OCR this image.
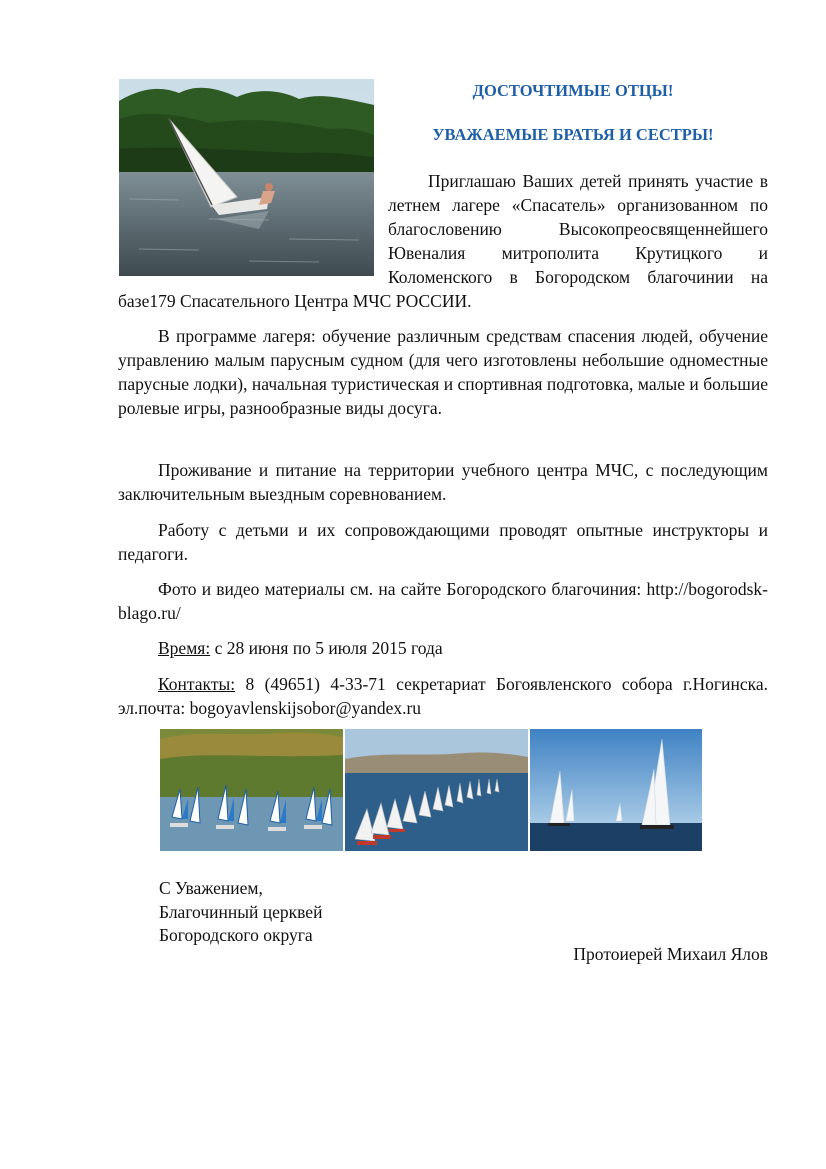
ДОСТОЧТИМЫЕ ОТЦЫ!
УВАЖАЕМЫЕ БРАТЬЯ И СЕСТРЫ!
Приглашаю Ваших детей принять участие в летнем лагере «Спасатель» организованном по благословению Высокопреосвященнейшего Ювеналия митрополита Крутицкого и Коломенского в Богородском благочинии на базе179 Спасательного Центра МЧС РОССИИ.
В программе лагеря: обучение различным средствам спасения людей, обучение управлению малым парусным судном (для чего изготовлены небольшие одноместные парусные лодки), начальная туристическая и спортивная подготовка, малые и большие ролевые игры, разнообразные виды досуга.
Проживание и питание на территории учебного центра МЧС, с последующим заключительным выездным соревнованием.
Работу с детьми и их сопровождающими проводят опытные инструкторы и педагоги.
Фото и видео материалы см. на сайте Богородского благочиния: http://bogorodsk-blago.ru/
Время: с 28 июня по 5 июля 2015 года
Контакты: 8 (49651) 4-33-71 секретариат Богоявленского собора г.Ногинска. эл.почта: bogoyavlenskijsobor@yandex.ru
С Уважением,
Благочинный церквей
Богородского округа
Протоиерей Михаил Ялов
